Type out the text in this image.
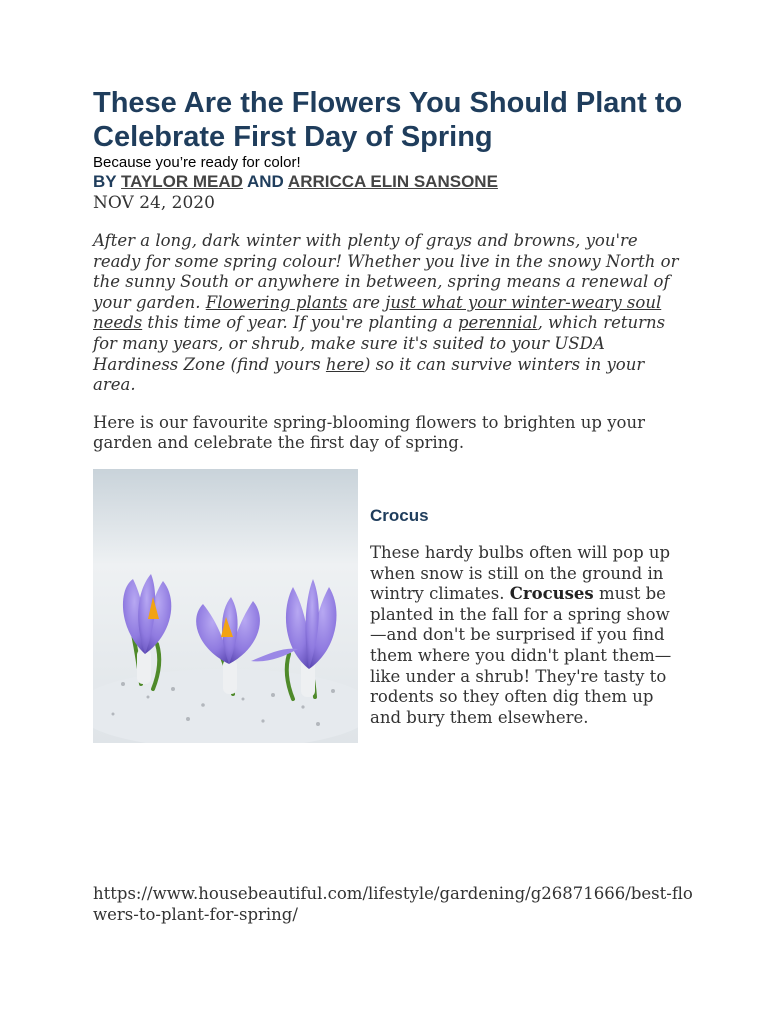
These Are the Flowers You Should Plant to Celebrate First Day of Spring

Because you’re ready for color!

BY TAYLOR MEAD AND ARRICCA ELIN SANSONE

NOV 24, 2020

After a long, dark winter with plenty of grays and browns, you're ready for some spring colour! Whether you live in the snowy North or the sunny South or anywhere in between, spring means a renewal of your garden. Flowering plants are just what your winter-weary soul needs this time of year. If you're planting a perennial, which returns for many years, or shrub, make sure it's suited to your USDA Hardiness Zone (find yours here) so it can survive winters in your area.

Here is our favourite spring-blooming flowers to brighten up your garden and celebrate the first day of spring.

Crocus

These hardy bulbs often will pop up when snow is still on the ground in wintry climates. Crocuses must be planted in the fall for a spring show—and don't be surprised if you find them where you didn't plant them—like under a shrub! They're tasty to rodents so they often dig them up and bury them elsewhere.

https://www.housebeautiful.com/lifestyle/gardening/g26871666/best-flowers-to-plant-for-spring/
